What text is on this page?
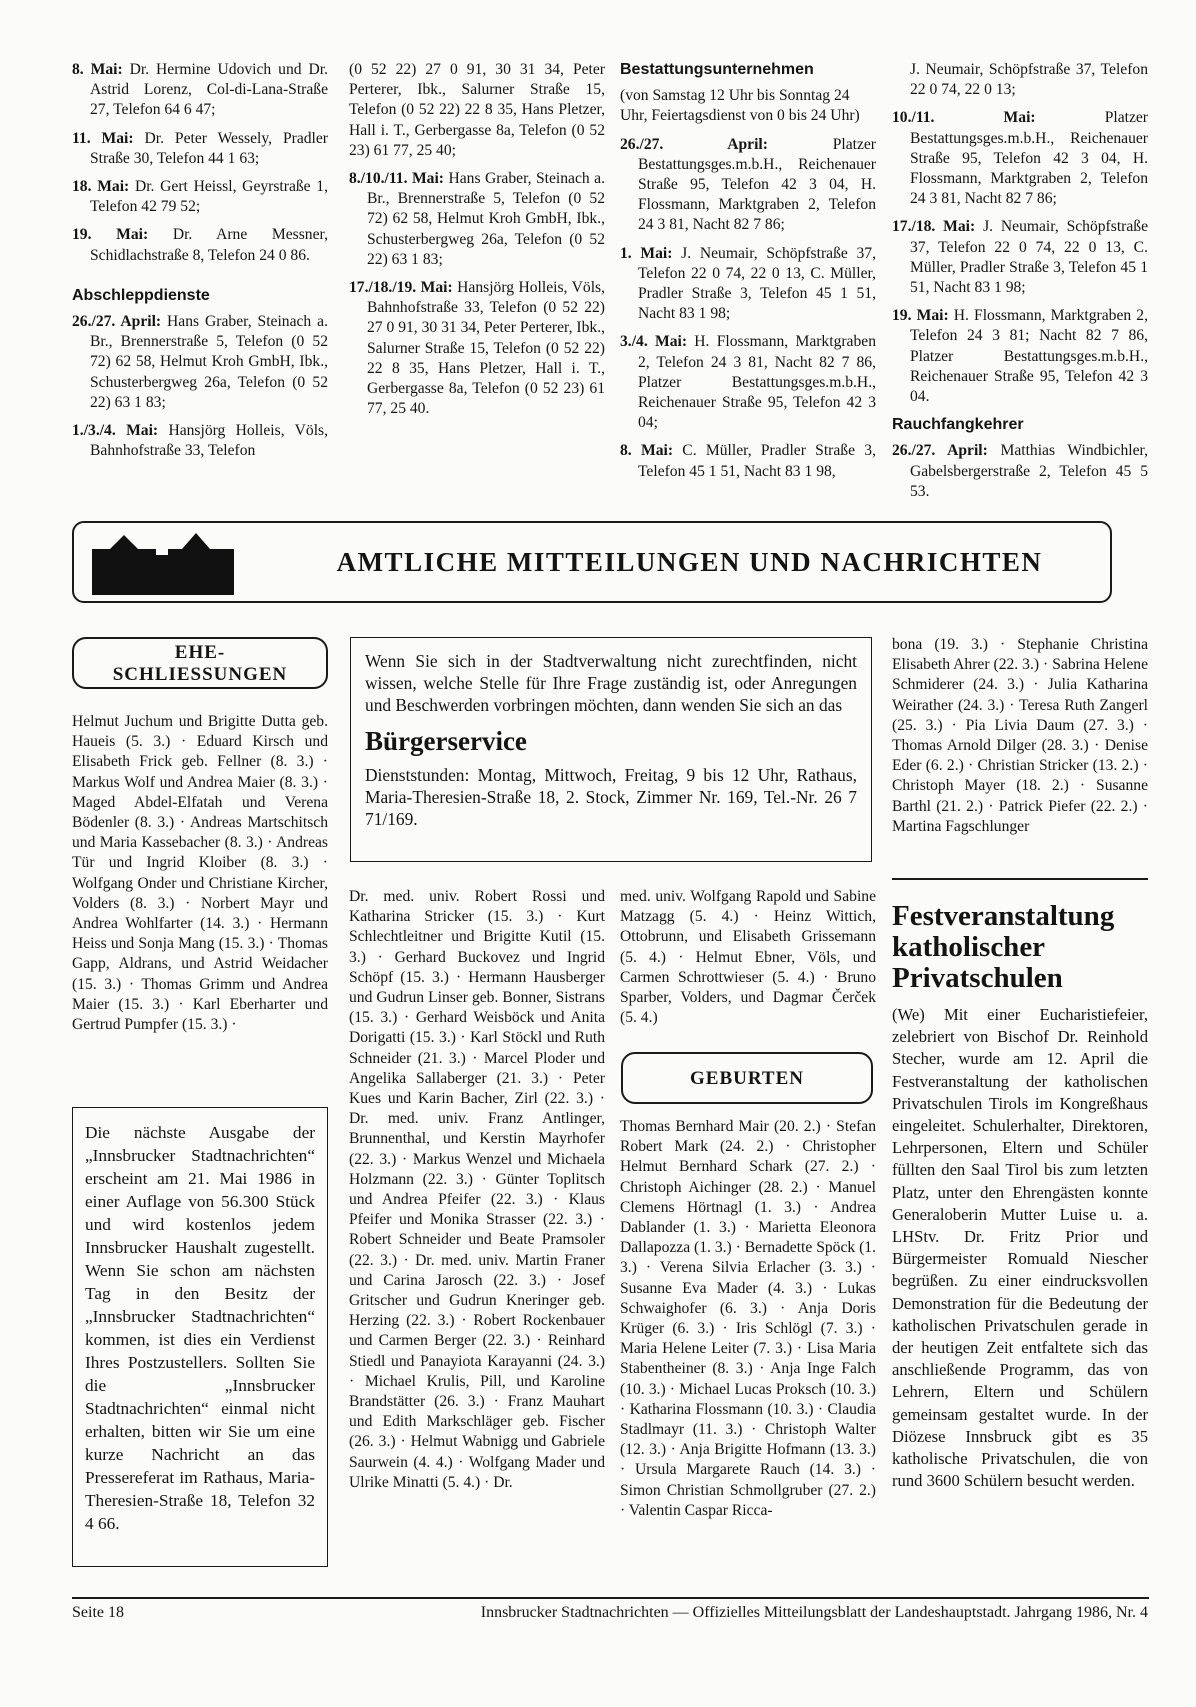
8. Mai: Dr. Hermine Udovich und Dr. Astrid Lorenz, Col-di-Lana-Straße 27, Telefon 64 6 47;

11. Mai: Dr. Peter Wessely, Pradler Straße 30, Telefon 44 1 63;

18. Mai: Dr. Gert Heissl, Geyrstraße 1, Telefon 42 79 52;

19. Mai: Dr. Arne Messner, Schidlachstraße 8, Telefon 24 0 86.

Abschleppdienste

26./27. April: Hans Graber, Steinach a. Br., Brennerstraße 5, Telefon (0 52 72) 62 58, Helmut Kroh GmbH, Ibk., Schusterbergweg 26a, Telefon (0 52 22) 63 1 83;

1./3./4. Mai: Hansjörg Holleis, Völs, Bahnhofstraße 33, Telefon

(0 52 22) 27 0 91, 30 31 34, Peter Perterer, Ibk., Salurner Straße 15, Telefon (0 52 22) 22 8 35, Hans Pletzer, Hall i. T., Gerbergasse 8a, Telefon (0 52 23) 61 77, 25 40;

8./10./11. Mai: Hans Graber, Steinach a. Br., Brennerstraße 5, Telefon (0 52 72) 62 58, Helmut Kroh GmbH, Ibk., Schusterbergweg 26a, Telefon (0 52 22) 63 1 83;

17./18./19. Mai: Hansjörg Holleis, Völs, Bahnhofstraße 33, Telefon (0 52 22) 27 0 91, 30 31 34, Peter Perterer, Ibk., Salurner Straße 15, Telefon (0 52 22) 22 8 35, Hans Pletzer, Hall i. T., Gerbergasse 8a, Telefon (0 52 23) 61 77, 25 40.

Bestattungsunternehmen

(von Samstag 12 Uhr bis Sonntag 24 Uhr, Feiertagsdienst von 0 bis 24 Uhr)

26./27. April:	Platzer Bestattungsges.m.b.H., Reichenauer Straße 95, Telefon 42 3 04, H. Flossmann, Marktgraben 2, Telefon 24 3 81, Nacht 82 7 86;

1. Mai: J. Neumair, Schöpfstraße 37, Telefon 22 0 74, 22 0 13, C. Müller, Pradler Straße 3, Telefon 45 1 51, Nacht 83 1 98;

3./4. Mai: H. Flossmann, Marktgraben 2, Telefon 24 3 81, Nacht 82 7 86, Platzer Bestattungsges.m.b.H., Reichenauer Straße 95, Telefon 42 3 04;

8. Mai: C. Müller, Pradler Straße 3, Telefon 45 1 51, Nacht 83 1 98,

J. Neumair, Schöpfstraße 37, Telefon 22 0 74, 22 0 13;

10./11. Mai:	Platzer Bestattungsges.m.b.H., Reichenauer Straße 95, Telefon 42 3 04, H. Flossmann, Marktgraben 2, Telefon 24 3 81, Nacht 82 7 86;

17./18. Mai: J. Neumair, Schöpfstraße 37, Telefon 22 0 74, 22 0 13, C. Müller, Pradler Straße 3, Telefon 45 1 51, Nacht 83 1 98;

19. Mai: H. Flossmann, Marktgraben 2, Telefon 24 3 81; Nacht 82 7 86, Platzer Bestattungsges.m.b.H., Reichenauer Straße 95, Telefon 42 3 04.

Rauchfangkehrer

26./27. April: Matthias Windbichler, Gabelsbergerstraße 2, Telefon 45 5 53.

AMTLICHE MITTEILUNGEN UND NACHRICHTEN
EHE-
SCHLIESSUNGEN

Helmut Juchum und Brigitte Dutta geb. Haueis (5. 3.) · Eduard Kirsch und Elisabeth Frick geb. Fellner (8. 3.) · Markus Wolf und Andrea Maier (8. 3.) · Maged Abdel-Elfatah und Verena Bödenler (8. 3.) · Andreas Martschitsch und Maria Kassebacher (8. 3.) · Andreas Tür und Ingrid Kloiber (8. 3.) · Wolfgang Onder und Christiane Kircher, Volders (8. 3.) · Norbert Mayr und Andrea Wohlfarter (14. 3.) · Hermann Heiss und Sonja Mang (15. 3.) · Thomas Gapp, Aldrans, und Astrid Weidacher (15. 3.) · Thomas Grimm und Andrea Maier (15. 3.) · Karl Eberharter und Gertrud Pumpfer (15. 3.) ·

Wenn Sie sich in der Stadtverwaltung nicht zurechtfinden, nicht wissen, welche Stelle für Ihre Frage zuständig ist, oder Anregungen und Beschwerden vorbringen möchten, dann wenden Sie sich an das

Bürgerservice

Dienststunden: Montag, Mittwoch, Freitag, 9 bis 12 Uhr, Rathaus, Maria-Theresien-Straße 18, 2. Stock, Zimmer Nr. 169, Tel.-Nr. 26 7 71/169.

Dr. med. univ. Robert Rossi und Katharina Stricker (15. 3.) · Kurt Schlechtleitner und Brigitte Kutil (15. 3.) · Gerhard Buckovez und Ingrid Schöpf (15. 3.) · Hermann Hausberger und Gudrun Linser geb. Bonner, Sistrans (15. 3.) · Gerhard Weisböck und Anita Dorigatti (15. 3.) · Karl Stöckl und Ruth Schneider (21. 3.) · Marcel Ploder und Angelika Sallaberger (21. 3.) · Peter Kues und Karin Bacher, Zirl (22. 3.) · Dr. med. univ. Franz Antlinger, Brunnenthal, und Kerstin Mayrhofer (22. 3.) · Markus Wenzel und Michaela Holzmann (22. 3.) · Günter Toplitsch und Andrea Pfeifer (22. 3.) · Klaus Pfeifer und Monika Strasser (22. 3.) · Robert Schneider und Beate Pramsoler (22. 3.) · Dr. med. univ. Martin Franer und Carina Jarosch (22. 3.) · Josef Gritscher und Gudrun Kneringer geb. Herzing (22. 3.) · Robert Rockenbauer und Carmen Berger (22. 3.) · Reinhard Stiedl und Panayiota Karayanni (24. 3.) · Michael Krulis, Pill, und Karoline Brandstätter (26. 3.) · Franz Mauhart und Edith Markschläger geb. Fischer (26. 3.) · Helmut Wabnigg und Gabriele Saurwein (4. 4.) · Wolfgang Mader und Ulrike Minatti (5. 4.) · Dr.

med. univ. Wolfgang Rapold und Sabine Matzagg (5. 4.) · Heinz Wittich, Ottobrunn, und Elisabeth Grissemann (5. 4.) · Helmut Ebner, Völs, und Carmen Schrottwieser (5. 4.) · Bruno Sparber, Volders, und Dagmar Čerček (5. 4.)

GEBURTEN

Thomas Bernhard Mair (20. 2.) · Stefan Robert Mark (24. 2.) · Christopher Helmut Bernhard Schark (27. 2.) · Christoph Aichinger (28. 2.) · Manuel Clemens Hörtnagl (1. 3.) · Andrea Dablander (1. 3.) · Marietta Eleonora Dallapozza (1. 3.) · Bernadette Spöck (1. 3.) · Verena Silvia Erlacher (3. 3.) · Susanne Eva Mader (4. 3.) · Lukas Schwaighofer (6. 3.) · Anja Doris Krüger (6. 3.) · Iris Schlögl (7. 3.) · Maria Helene Leiter (7. 3.) · Lisa Maria Stabentheiner (8. 3.) · Anja Inge Falch (10. 3.) · Michael Lucas Proksch (10. 3.) · Katharina Flossmann (10. 3.) · Claudia Stadlmayr (11. 3.) · Christoph Walter (12. 3.) · Anja Brigitte Hofmann (13. 3.) · Ursula Margarete Rauch (14. 3.) · Simon Christian Schmollgruber (27. 2.) · Valentin Caspar Ricca-

bona (19. 3.) · Stephanie Christina Elisabeth Ahrer (22. 3.) · Sabrina Helene Schmiderer (24. 3.) · Julia Katharina Weirather (24. 3.) · Teresa Ruth Zangerl (25. 3.) · Pia Livia Daum (27. 3.) · Thomas Arnold Dilger (28. 3.) · Denise Eder (6. 2.) · Christian Stricker (13. 2.) · Christoph Mayer (18. 2.) · Susanne Barthl (21. 2.) · Patrick Piefer (22. 2.) · Martina Fagschlunger

Die nächste Ausgabe der „Innsbrucker Stadtnachrichten“ erscheint am 21. Mai 1986 in einer Auflage von 56.300 Stück und wird kostenlos jedem Innsbrucker Haushalt zugestellt. Wenn Sie schon am nächsten Tag in den Besitz der „Innsbrucker Stadtnachrichten“ kommen, ist dies ein Verdienst Ihres Postzustellers. Sollten Sie die „Innsbrucker Stadtnachrichten“ einmal nicht erhalten, bitten wir Sie um eine kurze Nachricht an das Pressereferat im Rathaus, Maria-Theresien-Straße 18, Telefon 32 4 66.
Festveranstaltung katholischer Privatschulen

(We) Mit einer Eucharistiefeier, zelebriert von Bischof Dr. Reinhold Stecher, wurde am 12. April die Festveranstaltung der katholischen Privatschulen Tirols im Kongreßhaus eingeleitet. Schulerhalter, Direktoren, Lehrpersonen, Eltern und Schüler füllten den Saal Tirol bis zum letzten Platz, unter den Ehrengästen konnte Generaloberin Mutter Luise u. a. LHStv. Dr. Fritz Prior und Bürgermeister Romuald Niescher begrüßen. Zu einer eindrucksvollen Demonstration für die Bedeutung der katholischen Privatschulen gerade in der heutigen Zeit entfaltete sich das anschließende Programm, das von Lehrern, Eltern und Schülern gemeinsam gestaltet wurde. In der Diözese Innsbruck gibt es 35 katholische Privatschulen, die von rund 3600 Schülern besucht werden.

Seite 18	Innsbrucker Stadtnachrichten — Offizielles Mitteilungsblatt der Landeshauptstadt. Jahrgang 1986, Nr. 4
